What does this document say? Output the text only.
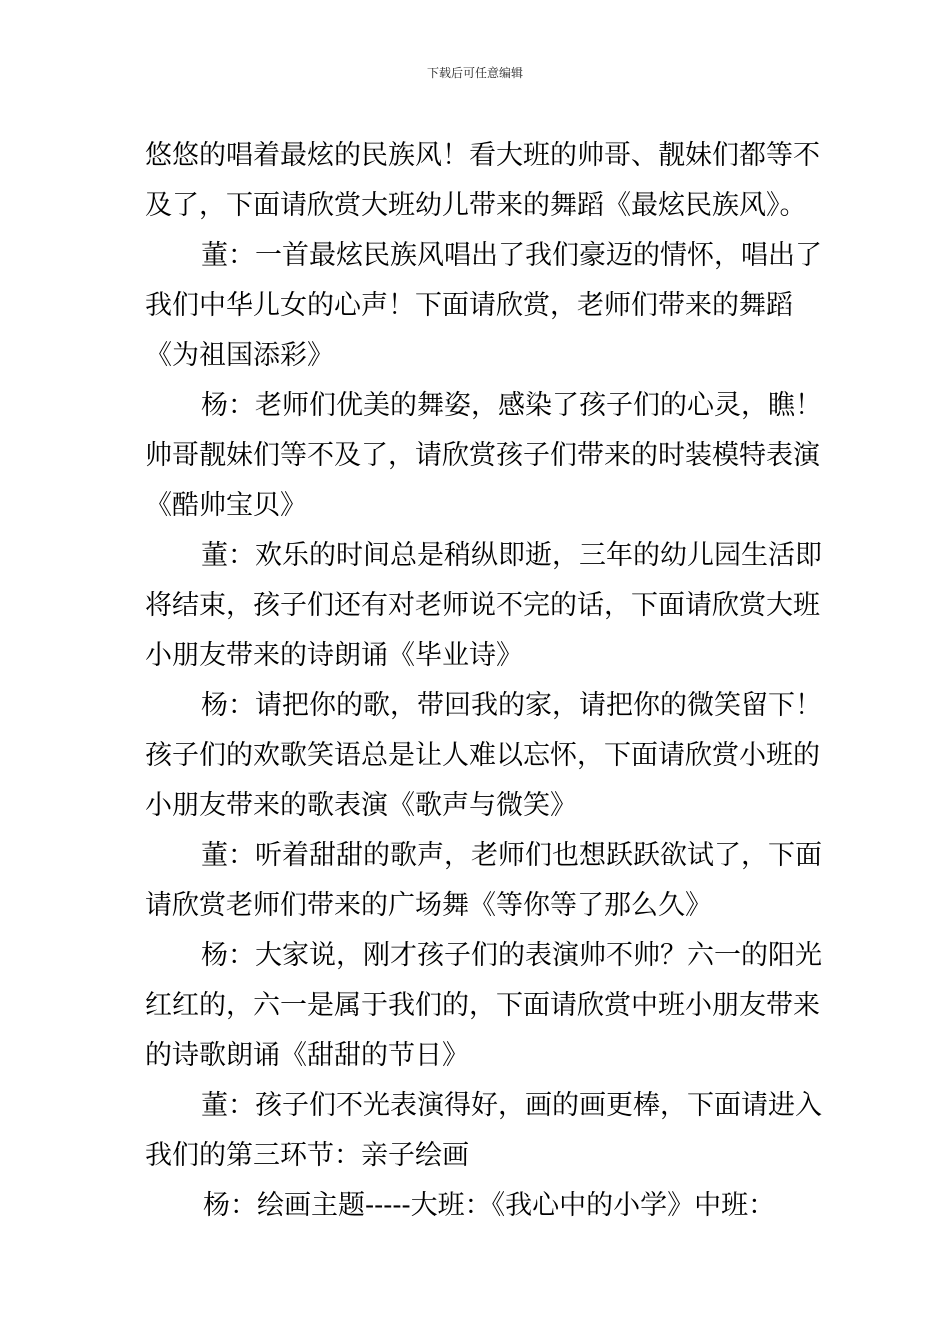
下载后可任意编辑

悠悠的唱着最炫的民族风！看大班的帅哥、靓妹们都等不
及了，下面请欣赏大班幼儿带来的舞蹈《最炫民族风》。

董：一首最炫民族风唱出了我们豪迈的情怀，唱出了
我们中华儿女的心声！下面请欣赏，老师们带来的舞蹈
《为祖国添彩》

杨：老师们优美的舞姿，感染了孩子们的心灵，瞧！
帅哥靓妹们等不及了，请欣赏孩子们带来的时装模特表演
《酷帅宝贝》

董：欢乐的时间总是稍纵即逝，三年的幼儿园生活即
将结束，孩子们还有对老师说不完的话，下面请欣赏大班
小朋友带来的诗朗诵《毕业诗》

杨：请把你的歌，带回我的家，请把你的微笑留下！
孩子们的欢歌笑语总是让人难以忘怀，下面请欣赏小班的
小朋友带来的歌表演《歌声与微笑》

董：听着甜甜的歌声，老师们也想跃跃欲试了，下面
请欣赏老师们带来的广场舞《等你等了那么久》

杨：大家说，刚才孩子们的表演帅不帅？六一的阳光
红红的，六一是属于我们的，下面请欣赏中班小朋友带来
的诗歌朗诵《甜甜的节日》

董：孩子们不光表演得好，画的画更棒，下面请进入
我们的第三环节：亲子绘画

杨：绘画主题-----大班：《我心中的小学》中班：
